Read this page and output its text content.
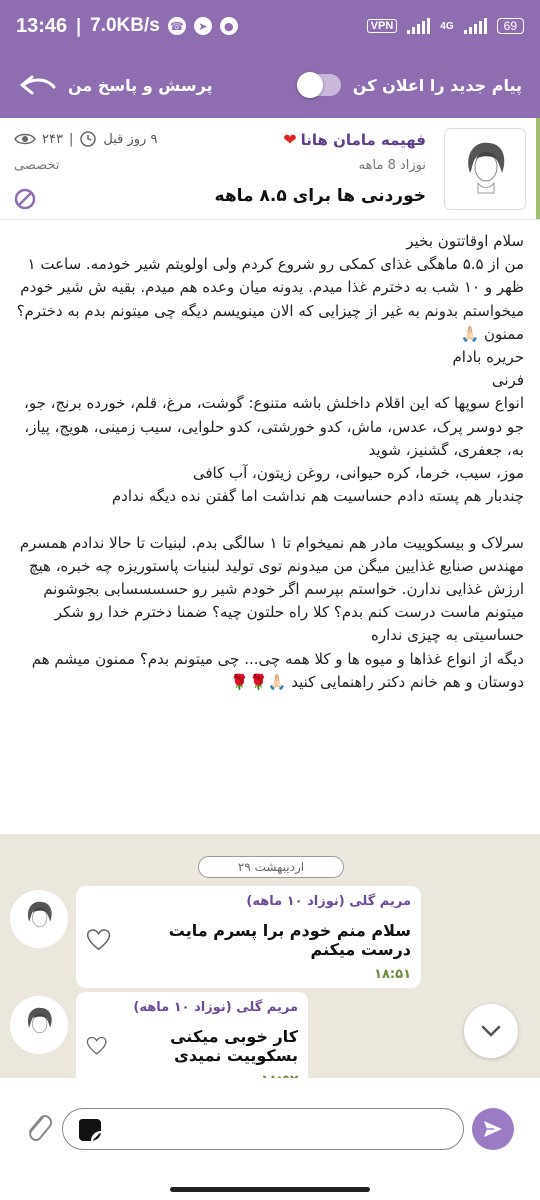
13:46 | 7.0KB/s ☎	➤	●	VPN	4G	69
پرسش و پاسخ من	پیام جدید را اعلان کن
فهیمه مامان هانا
❤
نوزاد 8 ماهه
خوردنی ها برای ۸.۵ ماهه
۹ روز قبل
|
۲۴۳
تخصصی

سلام اوقاتتون بخیر
من از ۵.۵ ماهگی غذای کمکی رو شروع کردم ولی اولویتم شیر خودمه. ساعت ۱ ظهر و ۱۰ شب به دخترم غذا میدم. یدونه میان وعده هم میدم. بقیه ش شیر خودم
میخواستم بدونم به غیر از چیزایی که الان مینویسم دیگه چی میتونم بدم به دخترم؟ ممنون 🙏🏻
حریره بادام
فرنی
انواع سوپها که این اقلام داخلش باشه متنوع: گوشت، مرغ، قلم، خورده برنج، جو، جو دوسر پرک، عدس، ماش، کدو خورشتی، کدو حلوایی، سیب زمینی، هویج، پیاز، به، جعفری، گشنیز، شوید
موز، سیب، خرما، کره حیوانی، روغن زیتون، آب کافی
چندبار هم پسته دادم حساسیت هم نداشت اما گفتن نده دیگه ندادم

سرلاک و بیسکوییت مادر هم نمیخوام تا ۱ سالگی بدم. لبنیات تا حالا ندادم همسرم مهندس صنایع غذایین میگن من میدونم توی تولید لبنیات پاستوریزه چه خبره، هیچ ارزش غذایی ندارن. خواستم بپرسم اگر خودم شیر رو حسسسسابی بجوشونم میتونم ماست درست کنم بدم؟ کلا راه حلتون چیه؟ ضمنا دخترم خدا رو شکر حساسیتی به چیزی نداره
دیگه از انواع غذاها و میوه ها و کلا همه چی... چی میتونم بدم؟ ممنون میشم هم دوستان و هم خانم دکتر راهنمایی کنید 🙏🏻🌹🌹

۲۹ اردیبهشت
مریم گلی (نوزاد ۱۰ ماهه)
سلام منم خودم برا پسرم مایت درست میکنم
۱۸:۵۱
مریم گلی (نوزاد ۱۰ ماهه)
کار خوبی میکنی بسکوییت نمیدی
